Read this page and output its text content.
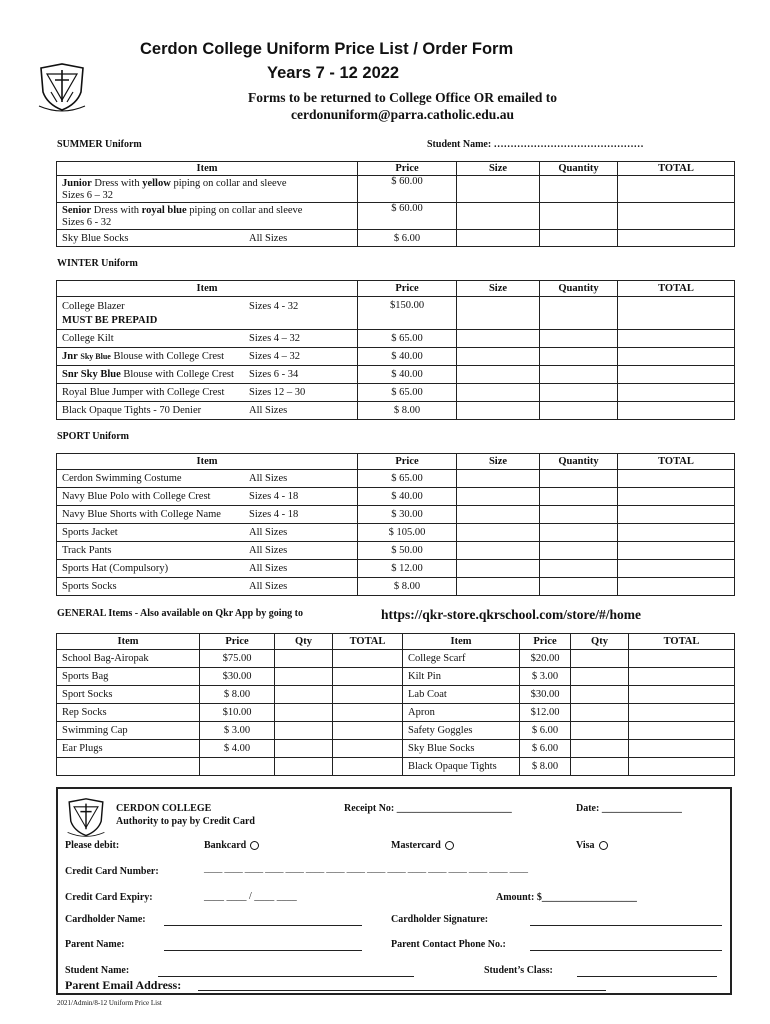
Cerdon College Uniform Price List / Order Form
Years 7 - 12 2022
Forms to be returned to College Office OR emailed to
cerdonuniform@parra.catholic.edu.au
SUMMER Uniform	Student Name: ………………………………………
Item	Price	Size	Quantity	TOTAL
Junior Dress with yellow piping on collar and sleeve
Sizes 6 – 32	$ 60.00			
Senior Dress with royal blue piping on collar and sleeve
Sizes 6 - 32	$ 60.00			

Sky Blue Socks All Sizes	$ 6.00			
WINTER Uniform
Item	Price	Size	Quantity	TOTAL

College Blazer Sizes 4 - 32
MUST BE PREPAID	$150.00			

College Kilt Sizes 4 – 32	$ 65.00			

Jnr Sky Blue Blouse with College Crest Sizes 4 – 32	$ 40.00			

Snr Sky Blue Blouse with College Crest Sizes 6 - 34	$ 40.00			

Royal Blue Jumper with College Crest Sizes 12 – 30	$ 65.00			

Black Opaque Tights - 70 Denier All Sizes	$ 8.00			
SPORT Uniform
Item	Price	Size	Quantity	TOTAL

Cerdon Swimming Costume All Sizes	$ 65.00			

Navy Blue Polo with College Crest Sizes 4 - 18	$ 40.00			

Navy Blue Shorts with College Name Sizes 4 - 18	$ 30.00			

Sports Jacket All Sizes	$ 105.00			

Track Pants All Sizes	$ 50.00			

Sports Hat (Compulsory) All Sizes	$ 12.00			

Sports Socks All Sizes	$ 8.00			
GENERAL Items - Also available on Qkr App by going to	https://qkr-store.qkrschool.com/store/#/home
Item	Price	Qty	TOTAL	Item	Price	Qty	TOTAL
School Bag-Airopak	$75.00			College Scarf	$20.00		
Sports Bag	$30.00			Kilt Pin	$ 3.00		
Sport Socks	$ 8.00			Lab Coat	$30.00		
Rep Socks	$10.00			Apron	$12.00		
Swimming Cap	$ 3.00			Safety Goggles	$ 6.00		
Ear Plugs	$ 4.00			Sky Blue Socks	$ 6.00		
				Black Opaque Tights	$ 8.00		
CERDON COLLEGE
Authority to pay by Credit Card
Receipt No: _______________________	Date: ________________
Please debit:	Bankcard	Mastercard	Visa
Credit Card Number:	____ ____ ____ ____ ____ ____ ____ ____ ____ ____ ____ ____ ____ ____ ____ ____
Credit Card Expiry:	____ ____ / ____ ____	Amount: $___________________
Cardholder Name:	Cardholder Signature:
Parent Name:	Parent Contact Phone No.:
Student Name:	Student’s Class:
Parent Email Address:
2021/Admin/8-12 Uniform Price List
